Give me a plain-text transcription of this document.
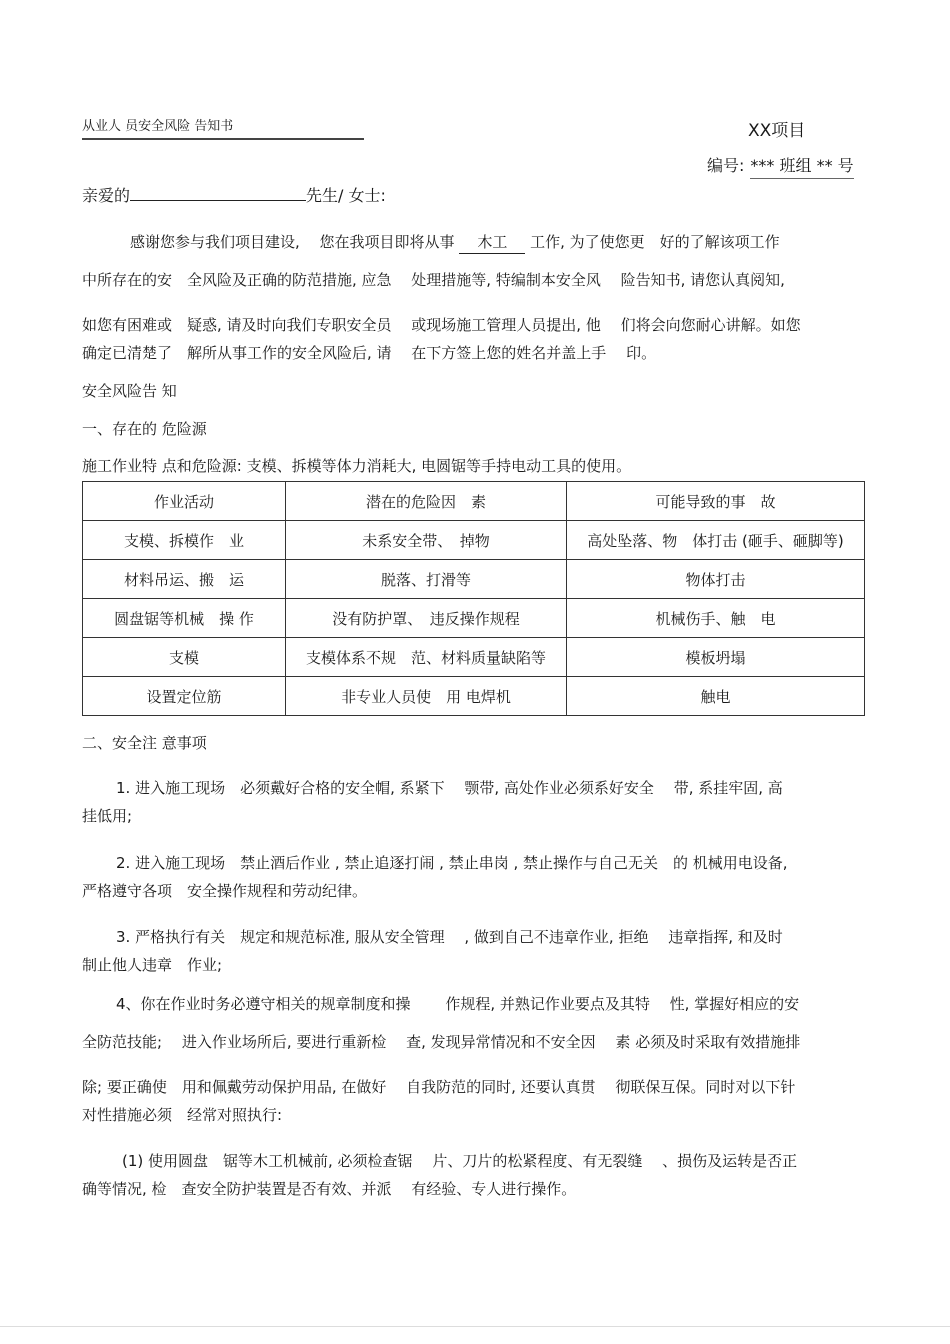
从业人 员安全风险 告知书	XX项目
编号: *** 班组 ** 号
亲爱的	先生/ 女士:
感谢您参与我们项目建设,　 您在我项目即将从事 木工 工作, 为了使您更　好的了解该项工作
中所存在的安　全风险及正确的防范措施, 应急　 处理措施等, 特编制本安全风　 险告知书, 请您认真阅知,
如您有困难或　疑惑, 请及时向我们专职安全员　 或现场施工管理人员提出, 他　 们将会向您耐心讲解。如您
确定已清楚了　解所从事工作的安全风险后, 请　 在下方签上您的姓名并盖上手　 印。
安全风险告 知
一、存在的 危险源
施工作业特 点和危险源: 支模、拆模等体力消耗大, 电圆锯等手持电动工具的使用。
作业活动	潜在的危险因　素	可能导致的事　故
支模、拆模作　业	未系安全带、　掉物	高处坠落、物　体打击 (砸手、砸脚等)
材料吊运、搬　运	脱落、打滑等	物体打击
圆盘锯等机械　操 作	没有防护罩、　违反操作规程	机械伤手、触　电
支模	支模体系不规　范、材料质量缺陷等	模板坍塌
设置定位筋	非专业人员使　用 电焊机	触电
二、安全注 意事项
1. 进入施工现场　必须戴好合格的安全帽, 系紧下　 颚带, 高处作业必须系好安全　 带, 系挂牢固, 高
挂低用;
2. 进入施工现场　禁止酒后作业 , 禁止追逐打闹 , 禁止串岗 , 禁止操作与自己无关　的 机械用电设备,
严格遵守各项　安全操作规程和劳动纪律。
3. 严格执行有关　规定和规范标准, 服从安全管理　 , 做到自己不违章作业, 拒绝　 违章指挥, 和及时
制止他人违章　作业;
4、你在作业时务必遵守相关的规章制度和操　　 作规程, 并熟记作业要点及其特　 性, 掌握好相应的安
全防范技能;　 进入作业场所后, 要进行重新检　 查, 发现异常情况和不安全因　 素 必须及时采取有效措施排
除; 要正确使　用和佩戴劳动保护用品, 在做好　 自我防范的同时, 还要认真贯　 彻联保互保。同时对以下针
对性措施必须　经常对照执行:
(1) 使用圆盘　锯等木工机械前, 必须检查锯　 片、刀片的松紧程度、有无裂缝　 、损伤及运转是否正
确等情况, 检　查安全防护装置是否有效、并派　 有经验、专人进行操作。
